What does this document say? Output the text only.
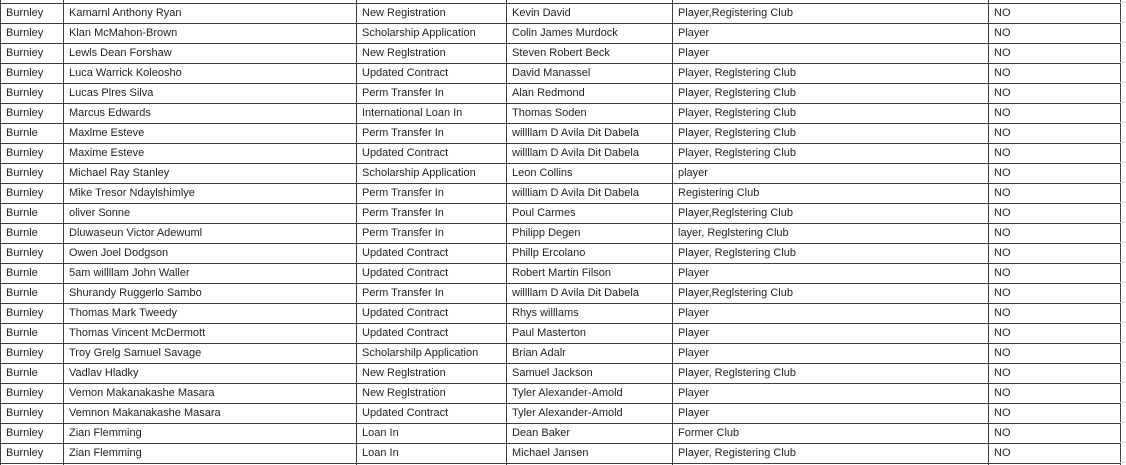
Burnley	Kamarnl Anthony Ryan	New Registration	Kevin David	Player,Registering Club	NO
Burnley	Klan McMahon-Brown	Scholarship Application	Colin James Murdock	Player	NO
Burniey	Lewls Dean Forshaw	New Reglstration	Steven Robert Beck	Player	NO
Burnley	Luca Warrick Koleosho	Updated Contract	David Manassel	Player, Reglstering Club	NO
Burnley	Lucas Plres Silva	Perm Transfer In	Alan Redmond	Player, Reglstering Club	NO
Burnley	Marcus Edwards	International Loan In	Thomas Soden	Player, Reglstering Club	NO
Burnle	Maxlme Esteve	Perm Transfer In	willllam D Avila Dit Dabela	Player, Reglstering Club	NO
Burnley	Maxime Esteve	Updated Contract	willllam D Avila Dit Dabela	Player, Reglstering Club	NO
Burnley	Michael Ray Stanley	Scholarship Application	Leon Collins	player	NO
Burnley	Mike Tresor Ndaylshimlye	Perm Transfer In	willliam D Avila Dit Dabela	Registering Club	NO
Burnle	oliver Sonne	Perm Transfer In	Poul Carmes	Player,Reglstering Club	NO
Burnle	Dluwaseun Victor Adewuml	Perm Transfer In	Philipp Degen	layer, Reglstering Club	NO
Burnley	Owen Joel Dodgson	Updated Contract	Phillp Ercolano	Player, Reglstering Club	NO
Burnle	5am willllam John Waller	Updated Contract	Robert Martin Filson	Player	NO
Burnle	Shurandy Ruggerlo Sambo	Perm Transfer In	willllam D Avila Dit Dabela	Player,Reglstering Club	NO
Burnley	Thomas Mark Tweedy	Updated Contract	Rhys willlams	Player	NO
Burnle	Thomas Vincent McDermott	Updated Contract	Paul Masterton	Player	NO
Burnley	Troy Grelg Samuel Savage	Scholarshilp Application	Brian Adalr	Player	NO
Burnle	Vadlav Hladky	New Reglstration	Samuel Jackson	Player, Reglstering Club	NO
Burnley	Vemon Makanakashe Masara	New Reglstration	Tyler Alexander-Amold	Player	NO
Burnley	Vemnon Makanakashe Masara	Updated Contract	Tyler Alexander-Amold	Player	NO
Burnley	Zian Flemming	Loan In	Dean Baker	Former Club	NO
Burnley	Zian Flemming	Loan In	Michael Jansen	Player, Registering Club	NO
